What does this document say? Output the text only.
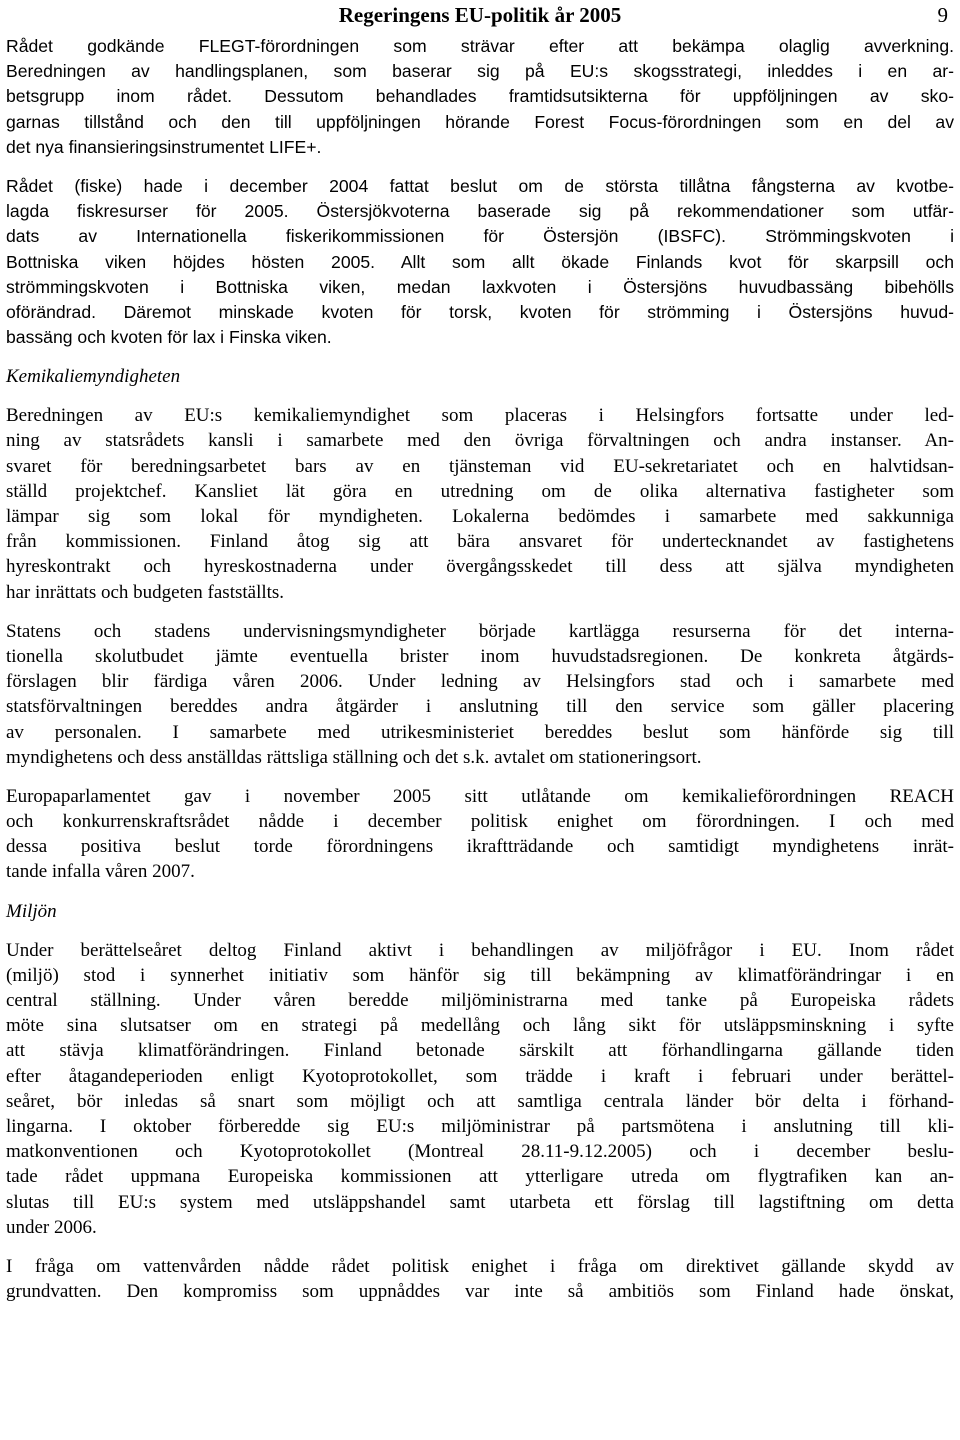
Regeringens EU-politik år 2005	9
Rådet godkände FLEGT-förordningen som strävar efter att bekämpa olaglig avverkning.
Beredningen av handlingsplanen, som baserar sig på EU:s skogsstrategi, inleddes i en ar-
betsgrupp inom rådet. Dessutom behandlades framtidsutsikterna för uppföljningen av sko-
garnas tillstånd och den till uppföljningen hörande Forest Focus-förordningen som en del av
det nya finansieringsinstrumentet LIFE+.
Rådet (fiske) hade i december 2004 fattat beslut om de största tillåtna fångsterna av kvotbe-
lagda fiskresurser för 2005. Östersjökvoterna baserade sig på rekommendationer som utfär-
dats av Internationella fiskerikommissionen för Östersjön (IBSFC). Strömmingskvoten i
Bottniska viken höjdes hösten 2005. Allt som allt ökade Finlands kvot för skarpsill och
strömmingskvoten i Bottniska viken, medan laxkvoten i Östersjöns huvudbassäng bibehölls
oförändrad. Däremot minskade kvoten för torsk, kvoten för strömming i Östersjöns huvud-
bassäng och kvoten för lax i Finska viken.
Kemikaliemyndigheten
Beredningen av EU:s kemikaliemyndighet som placeras i Helsingfors fortsatte under led-
ning av statsrådets kansli i samarbete med den övriga förvaltningen och andra instanser. An-
svaret för beredningsarbetet bars av en tjänsteman vid EU-sekretariatet och en halvtidsan-
ställd projektchef. Kansliet lät göra en utredning om de olika alternativa fastigheter som
lämpar sig som lokal för myndigheten. Lokalerna bedömdes i samarbete med sakkunniga
från kommissionen. Finland åtog sig att bära ansvaret för undertecknandet av fastighetens
hyreskontrakt och hyreskostnaderna under övergångsskedet till dess att själva myndigheten
har inrättats och budgeten fastställts.
Statens och stadens undervisningsmyndigheter började kartlägga resurserna för det interna-
tionella skolutbudet jämte eventuella brister inom huvudstadsregionen. De konkreta åtgärds-
förslagen blir färdiga våren 2006. Under ledning av Helsingfors stad och i samarbete med
statsförvaltningen bereddes andra åtgärder i anslutning till den service som gäller placering
av personalen. I samarbete med utrikesministeriet bereddes beslut som hänförde sig till
myndighetens och dess anställdas rättsliga ställning och det s.k. avtalet om stationeringsort.
Europaparlamentet gav i november 2005 sitt utlåtande om kemikalieförordningen REACH
och konkurrenskraftsrådet nådde i december politisk enighet om förordningen. I och med
dessa positiva beslut torde förordningens ikraftträdande och samtidigt myndighetens inrät-
tande infalla våren 2007.
Miljön
Under berättelseåret deltog Finland aktivt i behandlingen av miljöfrågor i EU. Inom rådet
(miljö) stod i synnerhet initiativ som hänför sig till bekämpning av klimatförändringar i en
central ställning. Under våren beredde miljöministrarna med tanke på Europeiska rådets
möte sina slutsatser om en strategi på medellång och lång sikt för utsläppsminskning i syfte
att stävja klimatförändringen. Finland betonade särskilt att förhandlingarna gällande tiden
efter åtagandeperioden enligt Kyotoprotokollet, som trädde i kraft i februari under berättel-
seåret, bör inledas så snart som möjligt och att samtliga centrala länder bör delta i förhand-
lingarna. I oktober förberedde sig EU:s miljöministrar på partsmötena i anslutning till kli-
matkonventionen och Kyotoprotokollet (Montreal 28.11-9.12.2005) och i december beslu-
tade rådet uppmana Europeiska kommissionen att ytterligare utreda om flygtrafiken kan an-
slutas till EU:s system med utsläppshandel samt utarbeta ett förslag till lagstiftning om detta
under 2006.
I fråga om vattenvården nådde rådet politisk enighet i fråga om direktivet gällande skydd av
grundvatten. Den kompromiss som uppnåddes var inte så ambitiös som Finland hade önskat,
